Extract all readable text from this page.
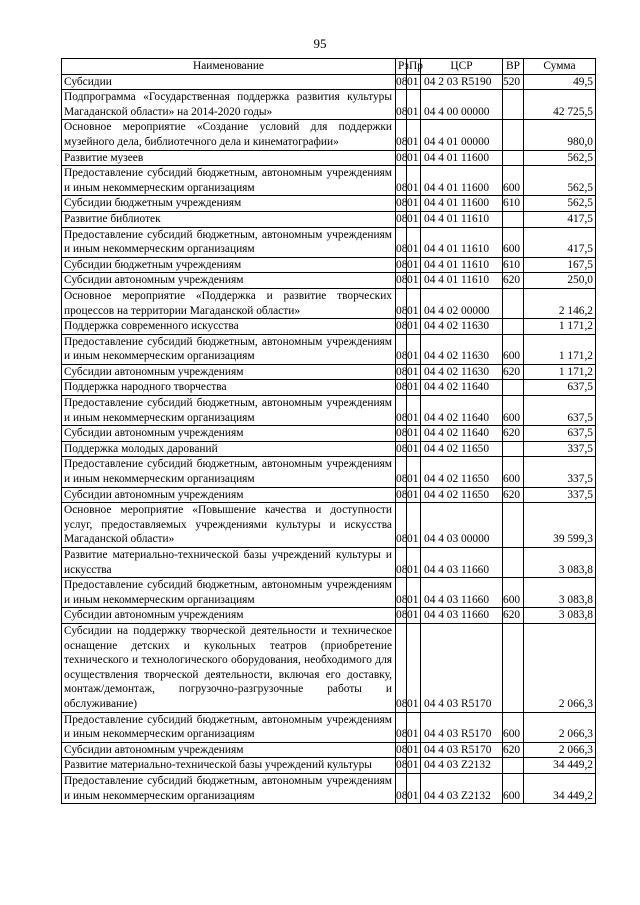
95
Наименование	Рз	Пр	ЦСР	ВР	Сумма
Субсидии	08	01	04 2 03 R5190	520	49,5
Подпрограмма «Государственная поддержка развития культуры Магаданской области» на 2014-2020 годы»	08	01	04 4 00 00000		42 725,5
Основное мероприятие «Создание условий для поддержки музейного дела, библиотечного дела и кинематографии»	08	01	04 4 01 00000		980,0
Развитие музеев	08	01	04 4 01 11600		562,5
Предоставление субсидий бюджетным, автономным учреждениям и иным некоммерческим организациям	08	01	04 4 01 11600	600	562,5
Субсидии бюджетным учреждениям	08	01	04 4 01 11600	610	562,5
Развитие библиотек	08	01	04 4 01 11610		417,5
Предоставление субсидий бюджетным, автономным учреждениям и иным некоммерческим организациям	08	01	04 4 01 11610	600	417,5
Субсидии бюджетным учреждениям	08	01	04 4 01 11610	610	167,5
Субсидии автономным учреждениям	08	01	04 4 01 11610	620	250,0
Основное мероприятие «Поддержка и развитие творческих процессов на территории Магаданской области»	08	01	04 4 02 00000		2 146,2
Поддержка современного искусства	08	01	04 4 02 11630		1 171,2
Предоставление субсидий бюджетным, автономным учреждениям и иным некоммерческим организациям	08	01	04 4 02 11630	600	1 171,2
Субсидии автономным учреждениям	08	01	04 4 02 11630	620	1 171,2
Поддержка народного творчества	08	01	04 4 02 11640		637,5
Предоставление субсидий бюджетным, автономным учреждениям и иным некоммерческим организациям	08	01	04 4 02 11640	600	637,5
Субсидии автономным учреждениям	08	01	04 4 02 11640	620	637,5
Поддержка молодых дарований	08	01	04 4 02 11650		337,5
Предоставление субсидий бюджетным, автономным учреждениям и иным некоммерческим организациям	08	01	04 4 02 11650	600	337,5
Субсидии автономным учреждениям	08	01	04 4 02 11650	620	337,5
Основное мероприятие «Повышение качества и доступности услуг, предоставляемых учреждениями культуры и искусства Магаданской области»	08	01	04 4 03 00000		39 599,3
Развитие материально-технической базы учреждений культуры и искусства	08	01	04 4 03 11660		3 083,8
Предоставление субсидий бюджетным, автономным учреждениям и иным некоммерческим организациям	08	01	04 4 03 11660	600	3 083,8
Субсидии автономным учреждениям	08	01	04 4 03 11660	620	3 083,8
Субсидии на поддержку творческой деятельности и техническое оснащение детских и кукольных театров (приобретение технического и технологического оборудования, необходимого для осуществления творческой деятельности, включая его доставку, монтаж/демонтаж, погрузочно-разгрузочные работы и обслуживание)	08	01	04 4 03 R5170		2 066,3
Предоставление субсидий бюджетным, автономным учреждениям и иным некоммерческим организациям	08	01	04 4 03 R5170	600	2 066,3
Субсидии автономным учреждениям	08	01	04 4 03 R5170	620	2 066,3
Развитие материально-технической базы учреждений культуры	08	01	04 4 03 Z2132		34 449,2
Предоставление субсидий бюджетным, автономным учреждениям и иным некоммерческим организациям	08	01	04 4 03 Z2132	600	34 449,2
